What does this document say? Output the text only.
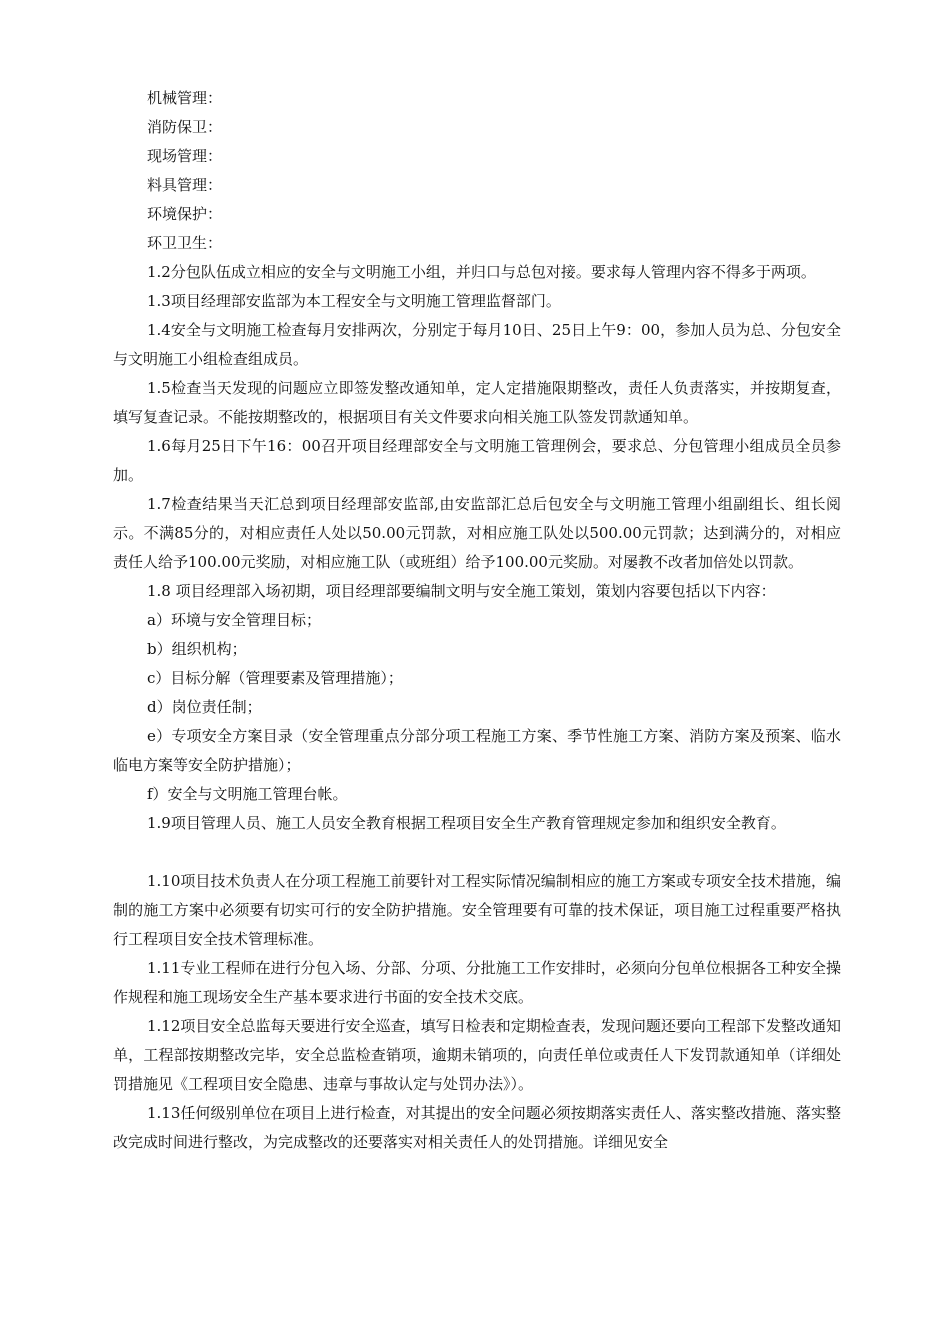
机械管理：

消防保卫：

现场管理：

料具管理：

环境保护：

环卫卫生：

1.2分包队伍成立相应的安全与文明施工小组，并归口与总包对接。要求每人管理内容不得多于两项。

1.3项目经理部安监部为本工程安全与文明施工管理监督部门。

1.4安全与文明施工检查每月安排两次，分别定于每月10日、25日上午9：00，参加人员为总、分包安全与文明施工小组检查组成员。

1.5检查当天发现的问题应立即签发整改通知单，定人定措施限期整改，责任人负责落实，并按期复查，填写复查记录。不能按期整改的，根据项目有关文件要求向相关施工队签发罚款通知单。

1.6每月25日下午16：00召开项目经理部安全与文明施工管理例会，要求总、分包管理小组成员全员参加。

1.7检查结果当天汇总到项目经理部安监部,由安监部汇总后包安全与文明施工管理小组副组长、组长阅示。不满85分的，对相应责任人处以50.00元罚款，对相应施工队处以500.00元罚款；达到满分的，对相应责任人给予100.00元奖励，对相应施工队（或班组）给予100.00元奖励。对屡教不改者加倍处以罚款。

1.8 项目经理部入场初期，项目经理部要编制文明与安全施工策划，策划内容要包括以下内容：

a）环境与安全管理目标；

b）组织机构；

c）目标分解（管理要素及管理措施）；

d）岗位责任制；

e）专项安全方案目录（安全管理重点分部分项工程施工方案、季节性施工方案、消防方案及预案、临水临电方案等安全防护措施）；

f）安全与文明施工管理台帐。

1.9项目管理人员、施工人员安全教育根据工程项目安全生产教育管理规定参加和组织安全教育。

1.10项目技术负责人在分项工程施工前要针对工程实际情况编制相应的施工方案或专项安全技术措施，编制的施工方案中必须要有切实可行的安全防护措施。安全管理要有可靠的技术保证，项目施工过程重要严格执行工程项目安全技术管理标准。

1.11专业工程师在进行分包入场、分部、分项、分批施工工作安排时，必须向分包单位根据各工种安全操作规程和施工现场安全生产基本要求进行书面的安全技术交底。

1.12项目安全总监每天要进行安全巡查，填写日检表和定期检查表，发现问题还要向工程部下发整改通知单，工程部按期整改完毕，安全总监检查销项，逾期未销项的，向责任单位或责任人下发罚款通知单（详细处罚措施见《工程项目安全隐患、违章与事故认定与处罚办法》）。

1.13任何级别单位在项目上进行检查，对其提出的安全问题必须按期落实责任人、落实整改措施、落实整改完成时间进行整改，为完成整改的还要落实对相关责任人的处罚措施。详细见安全
